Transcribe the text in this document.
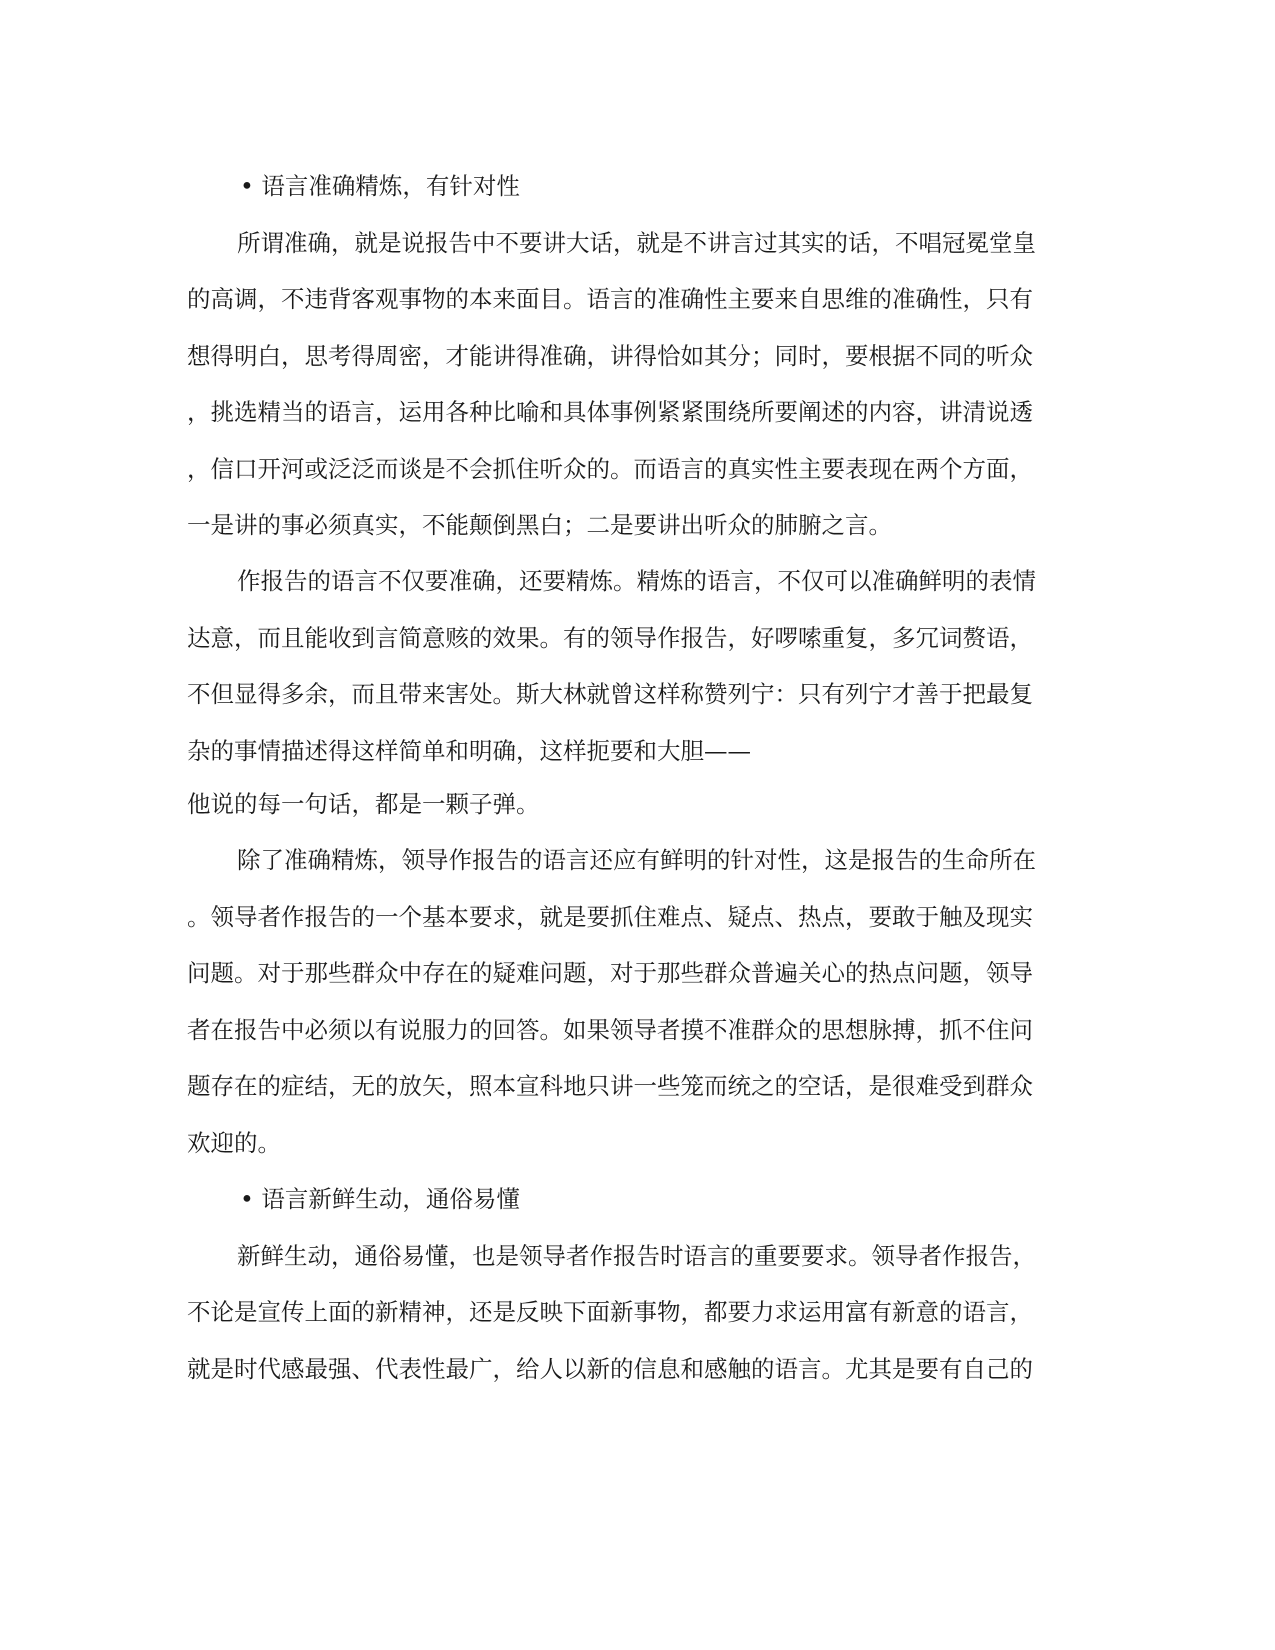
• 语言准确精炼，有针对性
所谓准确，就是说报告中不要讲大话，就是不讲言过其实的话，不唱冠冕堂皇
的高调，不违背客观事物的本来面目。语言的准确性主要来自思维的准确性，只有
想得明白，思考得周密，才能讲得准确，讲得恰如其分；同时，要根据不同的听众
，挑选精当的语言，运用各种比喻和具体事例紧紧围绕所要阐述的内容，讲清说透
，信口开河或泛泛而谈是不会抓住听众的。而语言的真实性主要表现在两个方面，
一是讲的事必须真实，不能颠倒黑白；二是要讲出听众的肺腑之言。
作报告的语言不仅要准确，还要精炼。精炼的语言，不仅可以准确鲜明的表情
达意，而且能收到言简意赅的效果。有的领导作报告，好啰嗦重复，多冗词赘语，
不但显得多余，而且带来害处。斯大林就曾这样称赞列宁：只有列宁才善于把最复
杂的事情描述得这样简单和明确，这样扼要和大胆——
他说的每一句话，都是一颗子弹。
除了准确精炼，领导作报告的语言还应有鲜明的针对性，这是报告的生命所在
。领导者作报告的一个基本要求，就是要抓住难点、疑点、热点，要敢于触及现实
问题。对于那些群众中存在的疑难问题，对于那些群众普遍关心的热点问题，领导
者在报告中必须以有说服力的回答。如果领导者摸不准群众的思想脉搏，抓不住问
题存在的症结，无的放矢，照本宣科地只讲一些笼而统之的空话，是很难受到群众
欢迎的。
• 语言新鲜生动，通俗易懂
新鲜生动，通俗易懂，也是领导者作报告时语言的重要要求。领导者作报告，
不论是宣传上面的新精神，还是反映下面新事物，都要力求运用富有新意的语言，
就是时代感最强、代表性最广，给人以新的信息和感触的语言。尤其是要有自己的
